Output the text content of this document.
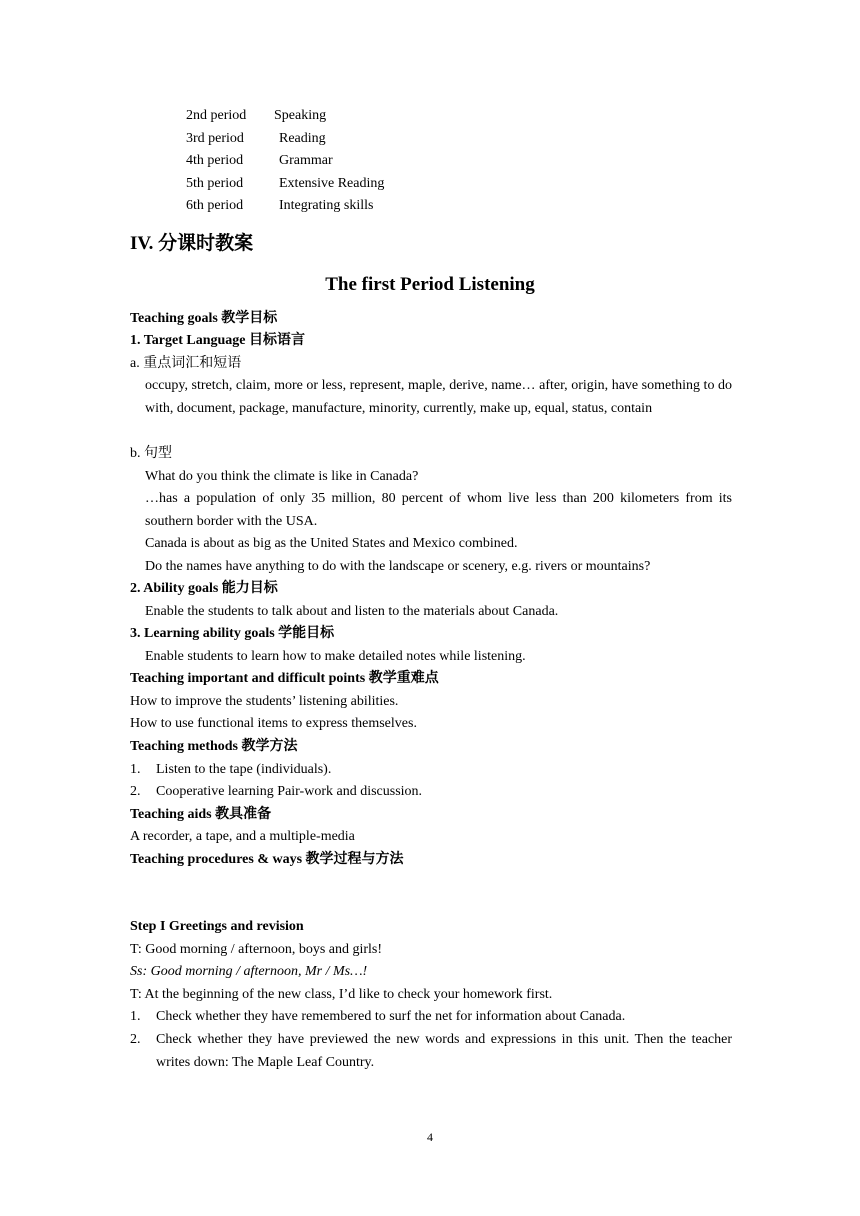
2nd period Speaking
3rd period	Reading
4th period	Grammar
5th period	Extensive Reading
6th period	Integrating skills
IV. 分课时教案
The first Period Listening
Teaching goals 教学目标
1. Target Language 目标语言
a. 重点词汇和短语
occupy, stretch, claim, more or less, represent, maple, derive, name… after, origin, have something to do with, document, package, manufacture, minority, currently, make up, equal, status, contain
b. 句型
What do you think the climate is like in Canada?
…has a population of only 35 million, 80 percent of whom live less than 200 kilometers from its southern border with the USA.
Canada is about as big as the United States and Mexico combined.
Do the names have anything to do with the landscape or scenery, e.g. rivers or mountains?
2. Ability goals 能力目标
Enable the students to talk about and listen to the materials about Canada.
3. Learning ability goals 学能目标
Enable students to learn how to make detailed notes while listening.
Teaching important and difficult points 教学重难点
How to improve the students’ listening abilities.
How to use functional items to express themselves.
Teaching methods 教学方法
1. Listen to the tape (individuals).
2. Cooperative learning Pair-work and discussion.
Teaching aids 教具准备
A recorder, a tape, and a multiple-media
Teaching procedures & ways 教学过程与方法
Step I Greetings and revision
T: Good morning / afternoon, boys and girls!
Ss: Good morning / afternoon, Mr / Ms…!
T: At the beginning of the new class, I’d like to check your homework first.
1. Check whether they have remembered to surf the net for information about Canada.
2. Check whether they have previewed the new words and expressions in this unit. Then the teacher writes down: The Maple Leaf Country.
4
